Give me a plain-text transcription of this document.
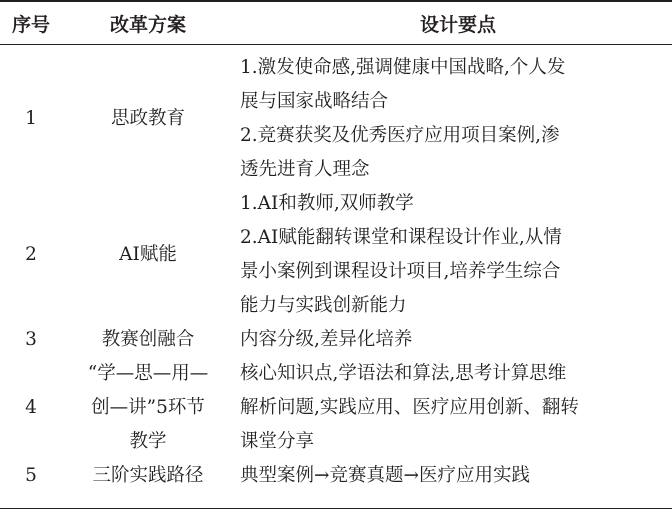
序号	改革方案	设计要点
1	思政教育	1.激发使命感,强调健康中国战略,个人发
展与国家战略结合
2.竞赛获奖及优秀医疗应用项目案例,渗
透先进育人理念

2	AI赋能	1.AI和教师,双师教学
2.AI赋能翻转课堂和课程设计作业,从情
景小案例到课程设计项目,培养学生综合
能力与实践创新能力

3	教赛创融合	内容分级,差异化培养

4	“学—思—用—
创—讲”5环节
教学	核心知识点,学语法和算法,思考计算思维
解析问题,实践应用、医疗应用创新、翻转
课堂分享

5	三阶实践路径	典型案例→竞赛真题→医疗应用实践
